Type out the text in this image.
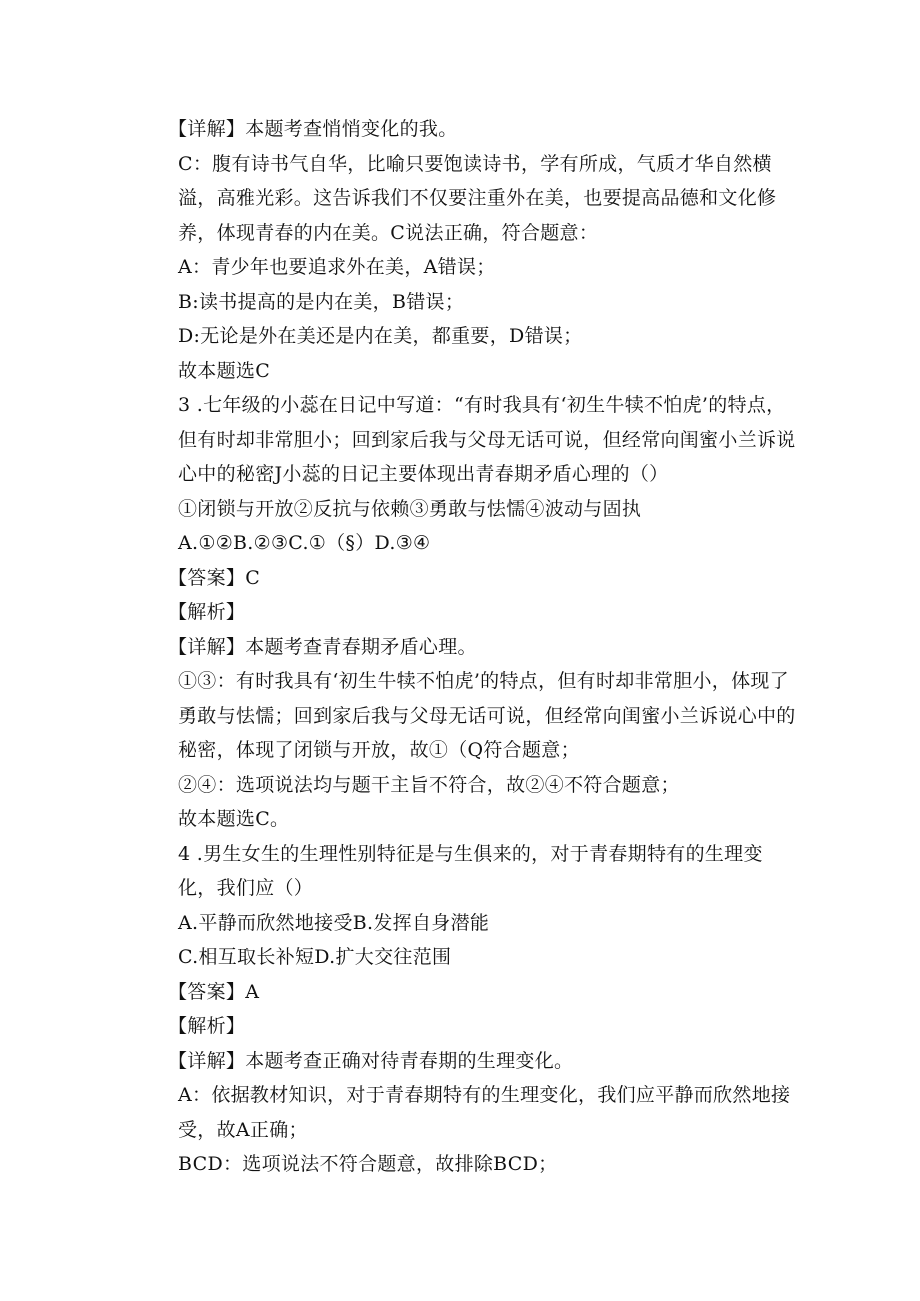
【详解】本题考查悄悄变化的我。

C：腹有诗书气自华，比喻只要饱读诗书，学有所成，气质才华自然横溢，高雅光彩。这告诉我们不仅要注重外在美，也要提高品德和文化修养，体现青春的内在美。C说法正确，符合题意：

A：青少年也要追求外在美，A错误；

B:读书提高的是内在美，B错误；

D:无论是外在美还是内在美，都重要，D错误；

故本题选C

3 .七年级的小蕊在日记中写道：“有时我具有‘初生牛犊不怕虎’的特点，但有时却非常胆小；回到家后我与父母无话可说，但经常向闺蜜小兰诉说心中的秘密J小蕊的日记主要体现出青春期矛盾心理的（）

①闭锁与开放②反抗与依赖③勇敢与怯懦④波动与固执

A.①②B.②③C.①（§）D.③④

【答案】C

【解析】

【详解】本题考查青春期矛盾心理。

①③：有时我具有‘初生牛犊不怕虎’的特点，但有时却非常胆小，体现了勇敢与怯懦；回到家后我与父母无话可说，但经常向闺蜜小兰诉说心中的秘密，体现了闭锁与开放，故①（Q符合题意；

②④：选项说法均与题干主旨不符合，故②④不符合题意；

故本题选C。

4 .男生女生的生理性别特征是与生俱来的，对于青春期特有的生理变化，我们应（）

A.平静而欣然地接受B.发挥自身潜能

C.相互取长补短D.扩大交往范围

【答案】A

【解析】

【详解】本题考查正确对待青春期的生理变化。

A：依据教材知识，对于青春期特有的生理变化，我们应平静而欣然地接受，故A正确；

BCD：选项说法不符合题意，故排除BCD；
